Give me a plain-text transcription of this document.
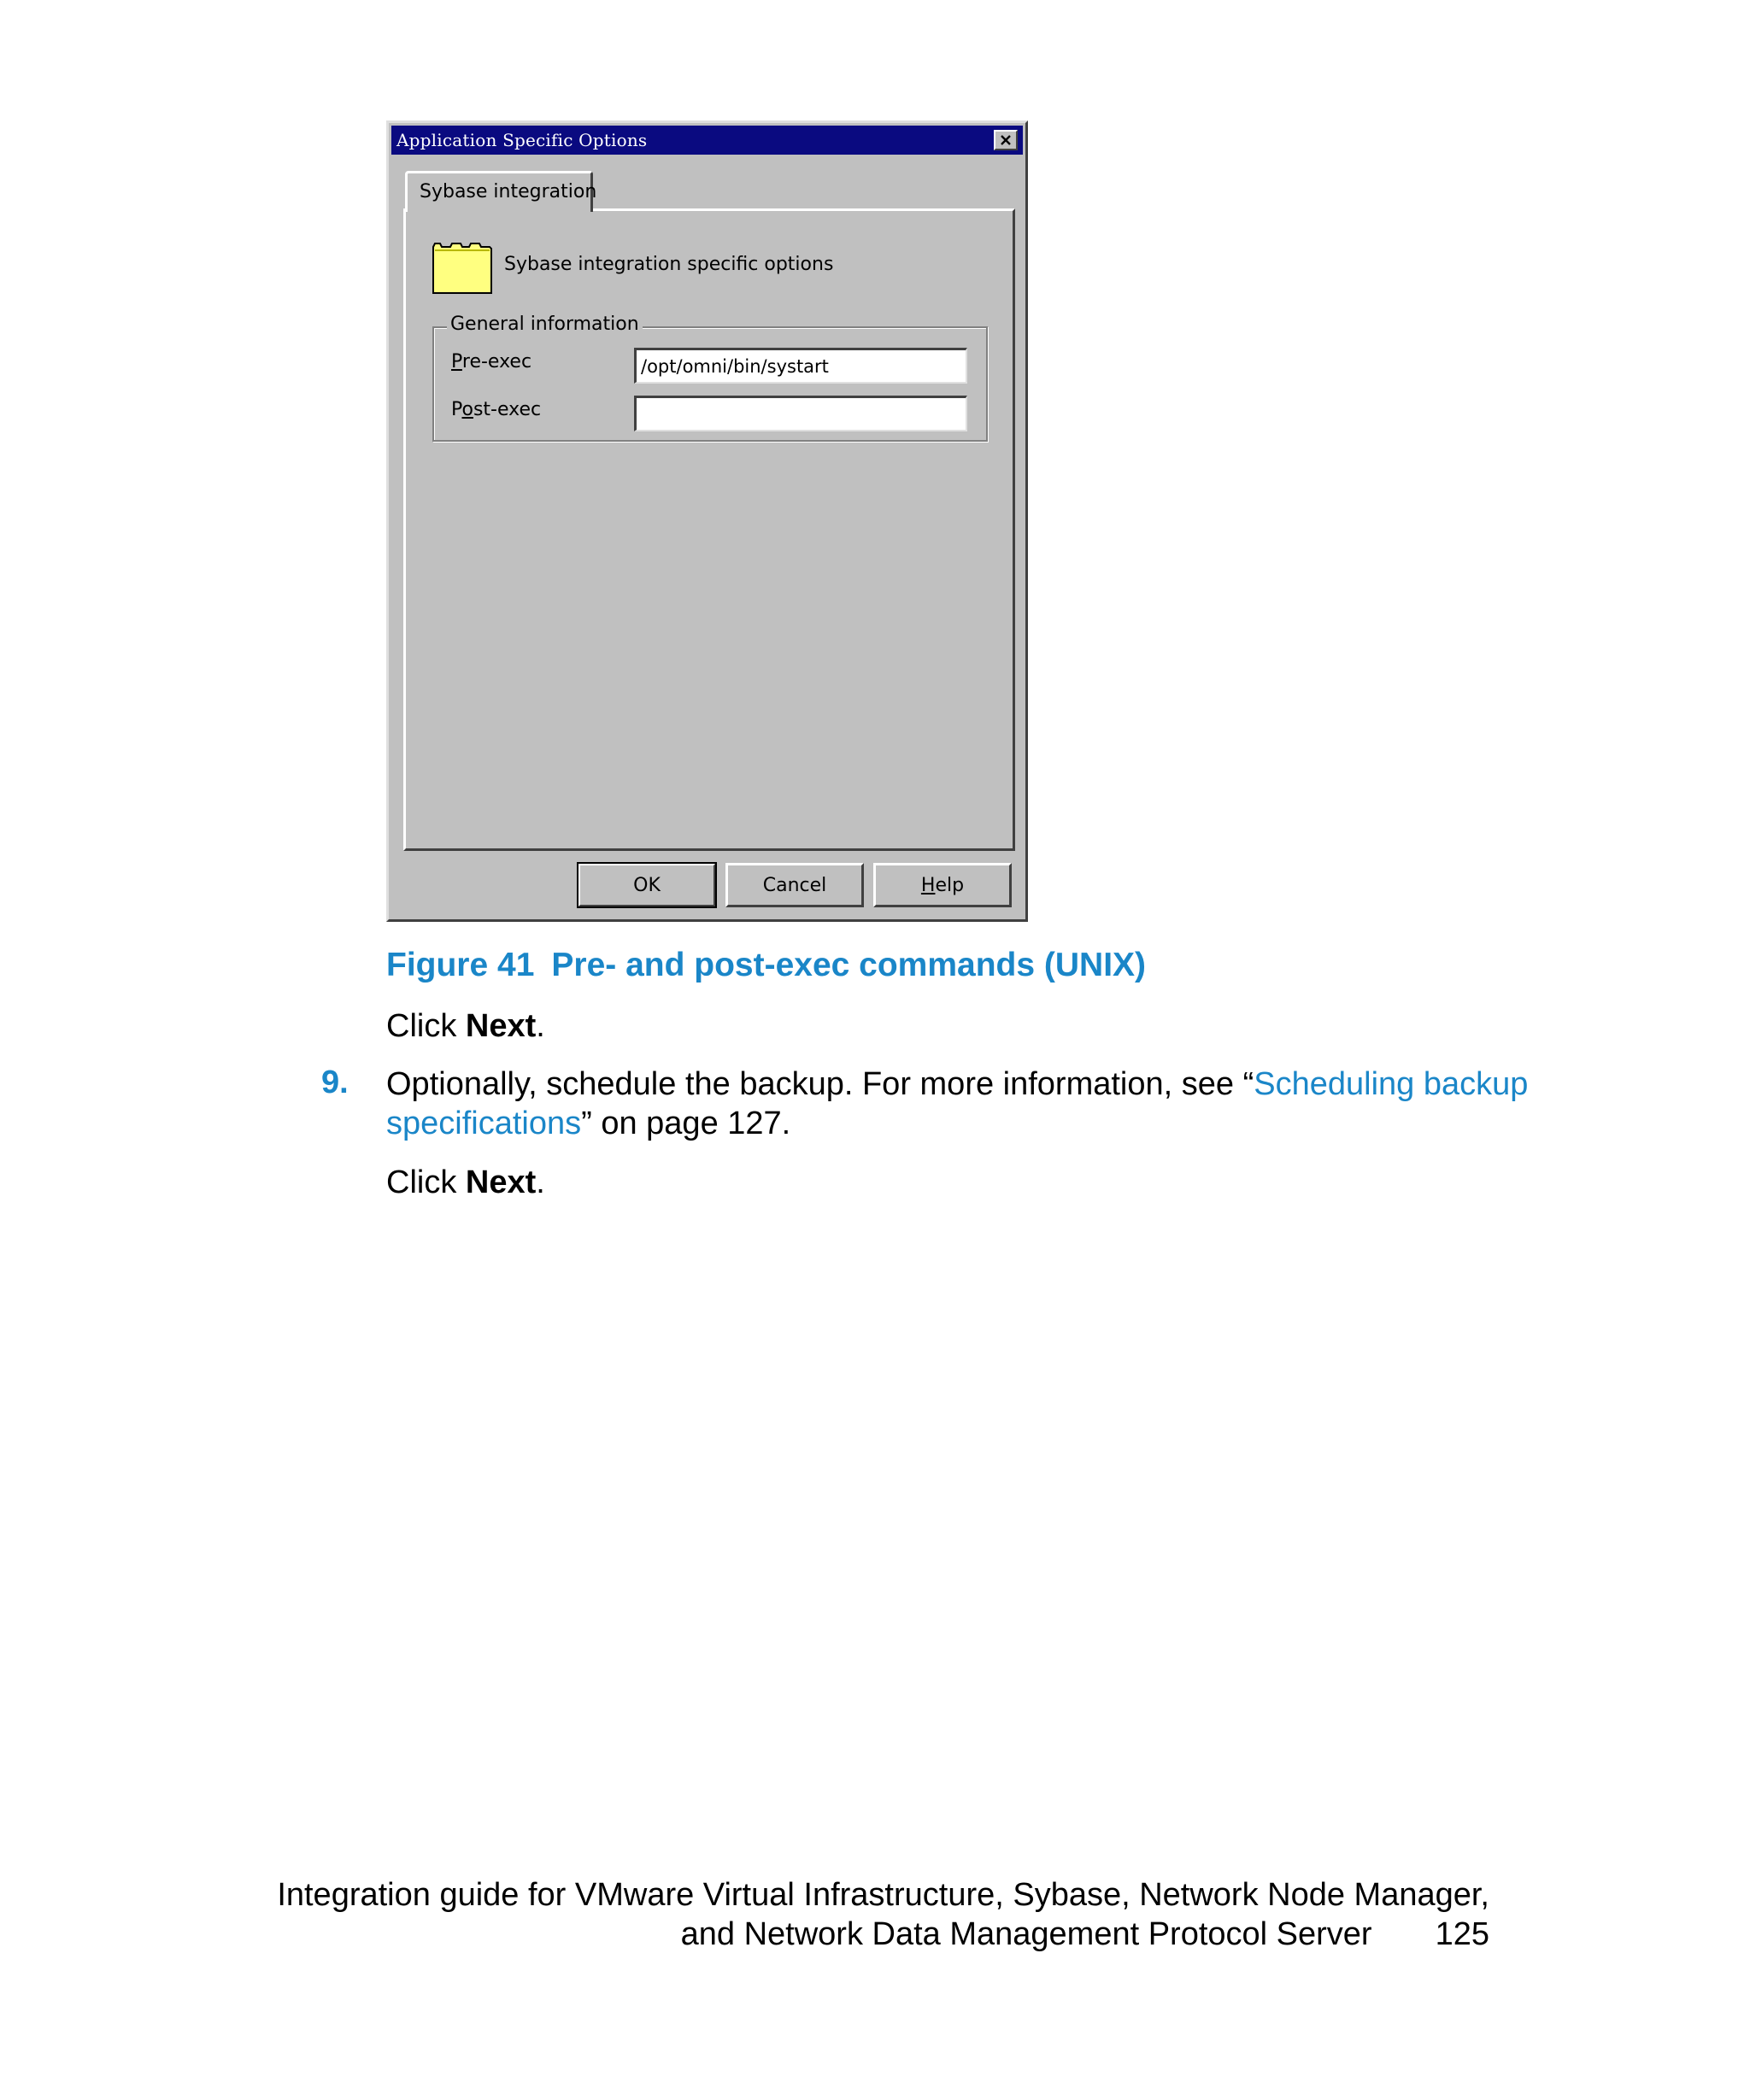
Application Specific Options
Sybase integration
Sybase integration specific options
General information
Pre-exec
/opt/omni/bin/systart
Post-exec
OK	Cancel	Help
Figure 41 Pre- and post-exec commands (UNIX)
Click Next.
9. Optionally, schedule the backup. For more information, see “Scheduling backup
specifications” on page 127.
Click Next.
Integration guide for VMware Virtual Infrastructure, Sybase, Network Node Manager,
and Network Data Management Protocol Server 125
